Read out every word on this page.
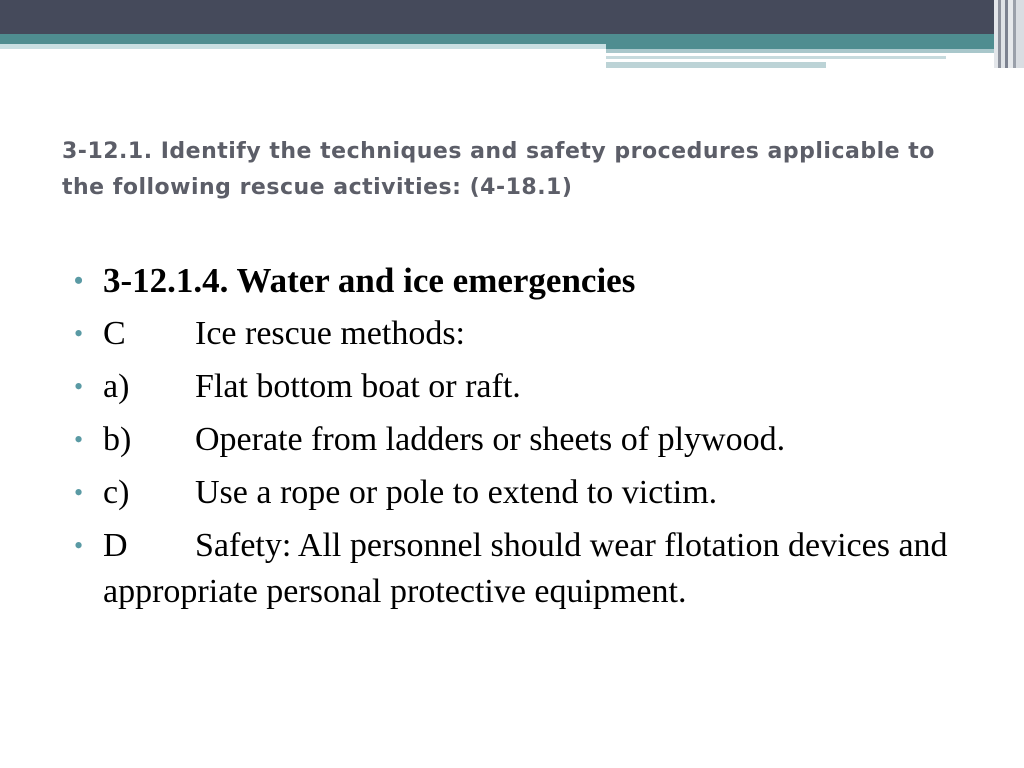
3-12.1. Identify the techniques and safety procedures applicable to the following rescue activities: (4-18.1)
• 3-12.1.4. Water and ice emergencies
• C Ice rescue methods:
• a) Flat bottom boat or raft.
• b) Operate from ladders or sheets of plywood.
• c) Use a rope or pole to extend to victim.
• D Safety: All personnel should wear flotation devices and appropriate personal protective equipment.
